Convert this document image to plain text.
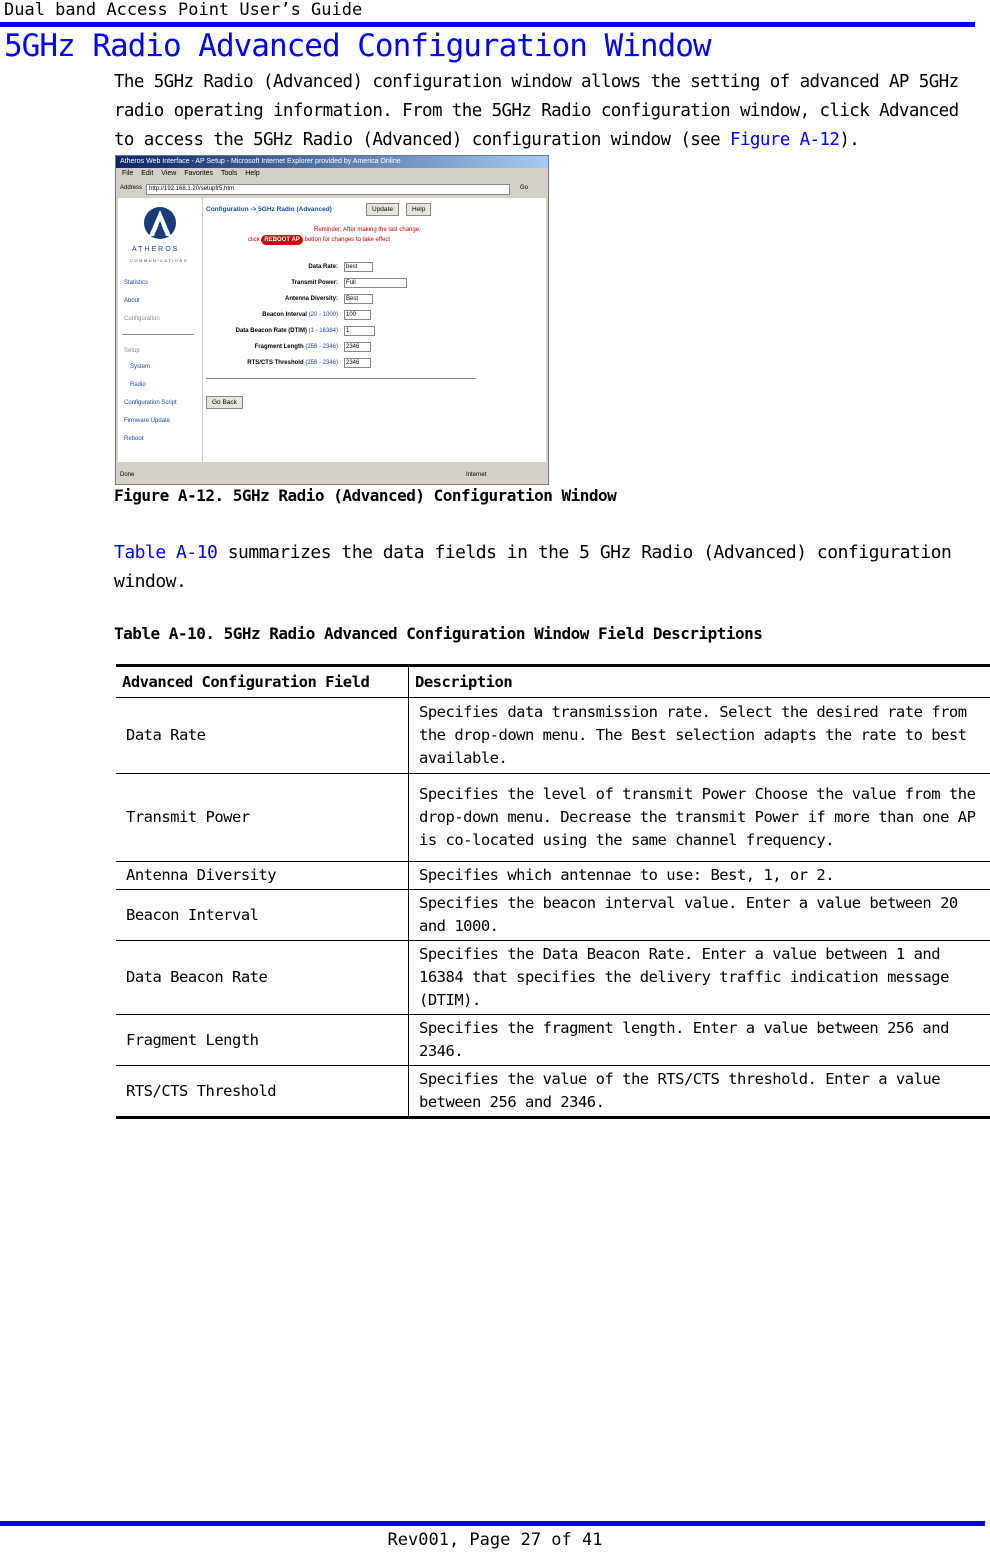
Dual band Access Point User’s Guide
5GHz Radio Advanced Configuration Window
The 5GHz Radio (Advanced) configuration window allows the setting of advanced AP 5GHz radio operating information. From the 5GHz Radio configuration window, click Advanced to access the 5GHz Radio (Advanced) configuration window (see Figure A-12).
Atheros Web Interface - AP Setup - Microsoft Internet Explorer provided by America Online
File Edit View Favorites Tools Help
Address	http://192.168.1.20/setupfr5.htm	Go
ATHEROS
COMMUNICATIONS
Statistics
About
Configuration
Setup
System
Radio
Configuration Script
Firmware Update
Reboot
Configuration -> 5GHz Radio (Advanced)	Update	Help
Reminder: After making the last change,
click REBOOT AP button for changes to take effect
Data Rate:	best
Transmit Power:	Full
Antenna Diversity:	Best
Beacon Interval (20 - 1000)	100
Data Beacon Rate (DTIM) (1 - 16384)	1
Fragment Length (256 - 2346)	2346
RTS/CTS Threshold (256 - 2346)	2346
Go Back
Done	Internet
Figure A-12. 5GHz Radio (Advanced) Configuration Window
Table A-10 summarizes the data fields in the 5 GHz Radio (Advanced) configuration window.
Table A-10. 5GHz Radio Advanced Configuration Window Field Descriptions
Advanced Configuration Field	Description
Data Rate	Specifies data transmission rate. Select the desired rate from the drop-down menu. The Best selection adapts the rate to best available.
Transmit Power	Specifies the level of transmit Power Choose the value from the drop-down menu. Decrease the transmit Power if more than one AP is co-located using the same channel frequency.
Antenna Diversity	Specifies which antennae to use: Best, 1, or 2.
Beacon Interval	Specifies the beacon interval value. Enter a value between 20 and 1000.
Data Beacon Rate	Specifies the Data Beacon Rate. Enter a value between 1 and 16384 that specifies the delivery traffic indication message (DTIM).
Fragment Length	Specifies the fragment length. Enter a value between 256 and 2346.
RTS/CTS Threshold	Specifies the value of the RTS/CTS threshold. Enter a value between 256 and 2346.
Rev001, Page 27 of 41
